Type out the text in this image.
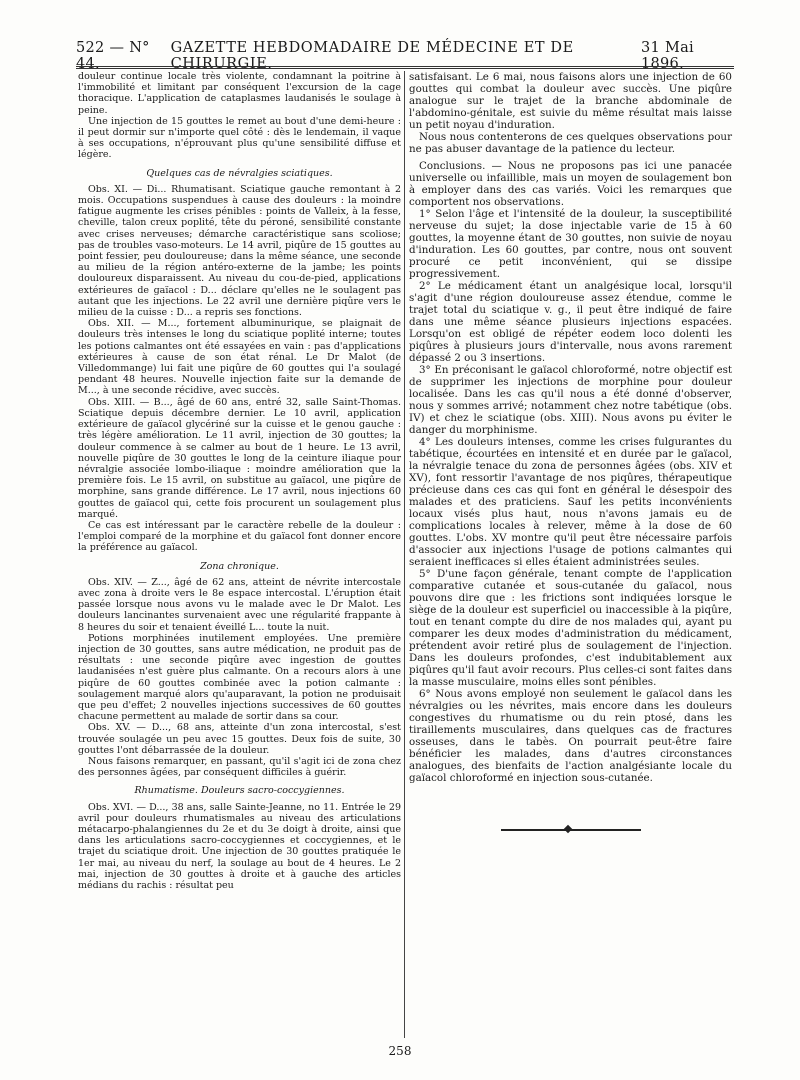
522 — N° 44.
GAZETTE HEBDOMADAIRE DE MÉDECINE ET DE CHIRURGIE.
31 Mai 1896.

douleur continue locale très violente, condamnant la poitrine à l'immobilité et limitant par conséquent l'excursion de la cage thoracique. L'application de cataplasmes laudanisés le soulage à peine.

Une injection de 15 gouttes le remet au bout d'une demi-heure : il peut dormir sur n'importe quel côté : dès le lendemain, il vaque à ses occupations, n'éprouvant plus qu'une sensibilité diffuse et légère.

Quelques cas de névralgies sciatiques.

Obs. XI. — Di... Rhumatisant. Sciatique gauche remontant à 2 mois. Occupations suspendues à cause des douleurs : la moindre fatigue augmente les crises pénibles : points de Valleix, à la fesse, cheville, talon creux poplité, tête du péroné, sensibilité constante avec crises nerveuses; démarche caractéristique sans scoliose; pas de troubles vaso-moteurs. Le 14 avril, piqûre de 15 gouttes au point fessier, peu douloureuse; dans la même séance, une seconde au milieu de la région antéro-externe de la jambe; les points douloureux disparaissent. Au niveau du cou-de-pied, applications extérieures de gaïacol : D... déclare qu'elles ne le soulagent pas autant que les injections. Le 22 avril une dernière piqûre vers le milieu de la cuisse : D... a repris ses fonctions.

Obs. XII. — M..., fortement albuminurique, se plaignait de douleurs très intenses le long du sciatique poplité interne; toutes les potions calmantes ont été essayées en vain : pas d'applications extérieures à cause de son état rénal. Le Dr Malot (de Villedommange) lui fait une piqûre de 60 gouttes qui l'a soulagé pendant 48 heures. Nouvelle injection faite sur la demande de M..., à une seconde récidive, avec succès.

Obs. XIII. — B..., âgé de 60 ans, entré 32, salle Saint-Thomas. Sciatique depuis décembre dernier. Le 10 avril, application extérieure de gaïacol glycériné sur la cuisse et le genou gauche : très légère amélioration. Le 11 avril, injection de 30 gouttes; la douleur commence à se calmer au bout de 1 heure. Le 13 avril, nouvelle piqûre de 30 gouttes le long de la ceinture iliaque pour névralgie associée lombo-iliaque : moindre amélioration que la première fois. Le 15 avril, on substitue au gaïacol, une piqûre de morphine, sans grande différence. Le 17 avril, nous injections 60 gouttes de gaïacol qui, cette fois procurent un soulagement plus marqué.

Ce cas est intéressant par le caractère rebelle de la douleur : l'emploi comparé de la morphine et du gaïacol font donner encore la préférence au gaïacol.

Zona chronique.

Obs. XIV. — Z..., âgé de 62 ans, atteint de névrite intercostale avec zona à droite vers le 8e espace intercostal. L'éruption était passée lorsque nous avons vu le malade avec le Dr Malot. Les douleurs lancinantes survenaient avec une régularité frappante à 8 heures du soir et tenaient éveillé L... toute la nuit.

Potions morphinées inutilement employées. Une première injection de 30 gouttes, sans autre médication, ne produit pas de résultats : une seconde piqûre avec ingestion de gouttes laudanisées n'est guère plus calmante. On a recours alors à une piqûre de 60 gouttes combinée avec la potion calmante : soulagement marqué alors qu'auparavant, la potion ne produisait que peu d'effet; 2 nouvelles injections successives de 60 gouttes chacune permettent au malade de sortir dans sa cour.

Obs. XV. — D..., 68 ans, atteinte d'un zona intercostal, s'est trouvée soulagée un peu avec 15 gouttes. Deux fois de suite, 30 gouttes l'ont débarrassée de la douleur.

Nous faisons remarquer, en passant, qu'il s'agit ici de zona chez des personnes âgées, par conséquent difficiles à guérir.

Rhumatisme. Douleurs sacro-coccygiennes.

Obs. XVI. — D..., 38 ans, salle Sainte-Jeanne, no 11. Entrée le 29 avril pour douleurs rhumatismales au niveau des articulations métacarpo-phalangiennes du 2e et du 3e doigt à droite, ainsi que dans les articulations sacro-coccygiennes et coccygiennes, et le trajet du sciatique droit. Une injection de 30 gouttes pratiquée le 1er mai, au niveau du nerf, la soulage au bout de 4 heures. Le 2 mai, injection de 30 gouttes à droite et à gauche des articles médians du rachis : résultat peu

satisfaisant. Le 6 mai, nous faisons alors une injection de 60 gouttes qui combat la douleur avec succès. Une piqûre analogue sur le trajet de la branche abdominale de l'abdomino-génitale, est suivie du même résultat mais laisse un petit noyau d'induration.

Nous nous contenterons de ces quelques observations pour ne pas abuser davantage de la patience du lecteur.

Conclusions. — Nous ne proposons pas ici une panacée universelle ou infaillible, mais un moyen de soulagement bon à employer dans des cas variés. Voici les remarques que comportent nos observations.

1° Selon l'âge et l'intensité de la douleur, la susceptibilité nerveuse du sujet; la dose injectable varie de 15 à 60 gouttes, la moyenne étant de 30 gouttes, non suivie de noyau d'induration. Les 60 gouttes, par contre, nous ont souvent procuré ce petit inconvénient, qui se dissipe progressivement.

2° Le médicament étant un analgésique local, lorsqu'il s'agit d'une région douloureuse assez étendue, comme le trajet total du sciatique v. g., il peut être indiqué de faire dans une même séance plusieurs injections espacées. Lorsqu'on est obligé de répéter eodem loco dolenti les piqûres à plusieurs jours d'intervalle, nous avons rarement dépassé 2 ou 3 insertions.

3° En préconisant le gaïacol chloroformé, notre objectif est de supprimer les injections de morphine pour douleur localisée. Dans les cas qu'il nous a été donné d'observer, nous y sommes arrivé; notamment chez notre tabétique (obs. IV) et chez le sciatique (obs. XIII). Nous avons pu éviter le danger du morphinisme.

4° Les douleurs intenses, comme les crises fulgurantes du tabétique, écourtées en intensité et en durée par le gaïacol, la névralgie tenace du zona de personnes âgées (obs. XIV et XV), font ressortir l'avantage de nos piqûres, thérapeutique précieuse dans ces cas qui font en général le désespoir des malades et des praticiens. Sauf les petits inconvénients locaux visés plus haut, nous n'avons jamais eu de complications locales à relever, même à la dose de 60 gouttes. L'obs. XV montre qu'il peut être nécessaire parfois d'associer aux injections l'usage de potions calmantes qui seraient inefficaces si elles étaient administrées seules.

5° D'une façon générale, tenant compte de l'application comparative cutanée et sous-cutanée du gaïacol, nous pouvons dire que : les frictions sont indiquées lorsque le siège de la douleur est superficiel ou inaccessible à la piqûre, tout en tenant compte du dire de nos malades qui, ayant pu comparer les deux modes d'administration du médicament, prétendent avoir retiré plus de soulagement de l'injection. Dans les douleurs profondes, c'est indubitablement aux piqûres qu'il faut avoir recours. Plus celles-ci sont faites dans la masse musculaire, moins elles sont pénibles.

6° Nous avons employé non seulement le gaïacol dans les névralgies ou les névrites, mais encore dans les douleurs congestives du rhumatisme ou du rein ptosé, dans les tiraillements musculaires, dans quelques cas de fractures osseuses, dans le tabès. On pourrait peut-être faire bénéficier les malades, dans d'autres circonstances analogues, des bienfaits de l'action analgésiante locale du gaïacol chloroformé en injection sous-cutanée.

258
